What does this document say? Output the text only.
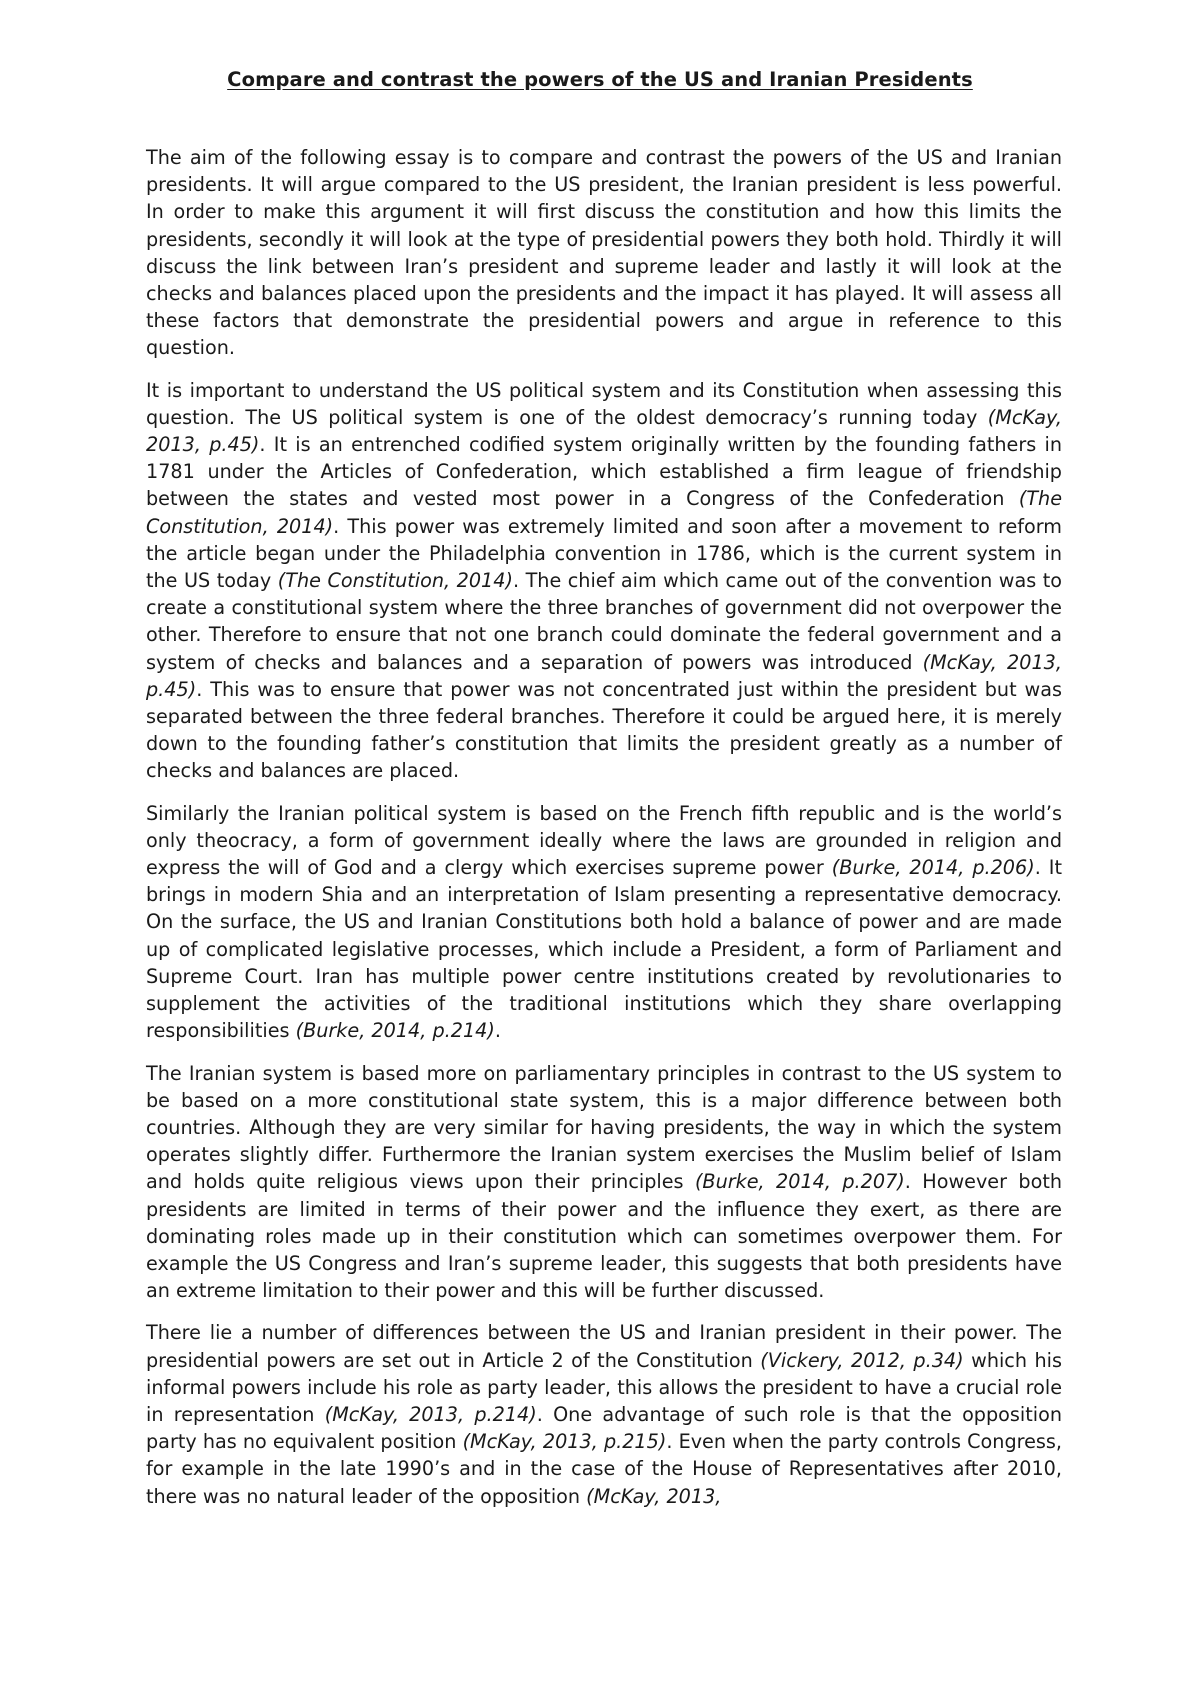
Compare and contrast the powers of the US and Iranian Presidents

The aim of the following essay is to compare and contrast the powers of the US and Iranian presidents. It will argue compared to the US president, the Iranian president is less powerful. In order to make this argument it will first discuss the constitution and how this limits the presidents, secondly it will look at the type of presidential powers they both hold. Thirdly it will discuss the link between Iran’s president and supreme leader and lastly it will look at the checks and balances placed upon the presidents and the impact it has played. It will assess all these factors that demonstrate the presidential powers and argue in reference to this question.

It is important to understand the US political system and its Constitution when assessing this question. The US political system is one of the oldest democracy’s running today (McKay, 2013, p.45). It is an entrenched codified system originally written by the founding fathers in 1781 under the Articles of Confederation, which established a firm league of friendship between the states and vested most power in a Congress of the Confederation (The Constitution, 2014). This power was extremely limited and soon after a movement to reform the article began under the Philadelphia convention in 1786, which is the current system in the US today (The Constitution, 2014). The chief aim which came out of the convention was to create a constitutional system where the three branches of government did not overpower the other. Therefore to ensure that not one branch could dominate the federal government and a system of checks and balances and a separation of powers was introduced (McKay, 2013, p.45). This was to ensure that power was not concentrated just within the president but was separated between the three federal branches. Therefore it could be argued here, it is merely down to the founding father’s constitution that limits the president greatly as a number of checks and balances are placed.

Similarly the Iranian political system is based on the French fifth republic and is the world’s only theocracy, a form of government ideally where the laws are grounded in religion and express the will of God and a clergy which exercises supreme power (Burke, 2014, p.206). It brings in modern Shia and an interpretation of Islam presenting a representative democracy. On the surface, the US and Iranian Constitutions both hold a balance of power and are made up of complicated legislative processes, which include a President, a form of Parliament and Supreme Court. Iran has multiple power centre institutions created by revolutionaries to supplement the activities of the traditional institutions which they share overlapping responsibilities (Burke, 2014, p.214).

The Iranian system is based more on parliamentary principles in contrast to the US system to be based on a more constitutional state system, this is a major difference between both countries. Although they are very similar for having presidents, the way in which the system operates slightly differ. Furthermore the Iranian system exercises the Muslim belief of Islam and holds quite religious views upon their principles (Burke, 2014, p.207). However both presidents are limited in terms of their power and the influence they exert, as there are dominating roles made up in their constitution which can sometimes overpower them. For example the US Congress and Iran’s supreme leader, this suggests that both presidents have an extreme limitation to their power and this will be further discussed.

There lie a number of differences between the US and Iranian president in their power. The presidential powers are set out in Article 2 of the Constitution (Vickery, 2012, p.34) which his informal powers include his role as party leader, this allows the president to have a crucial role in representation (McKay, 2013, p.214). One advantage of such role is that the opposition party has no equivalent position (McKay, 2013, p.215). Even when the party controls Congress, for example in the late 1990’s and in the case of the House of Representatives after 2010, there was no natural leader of the opposition (McKay, 2013,
